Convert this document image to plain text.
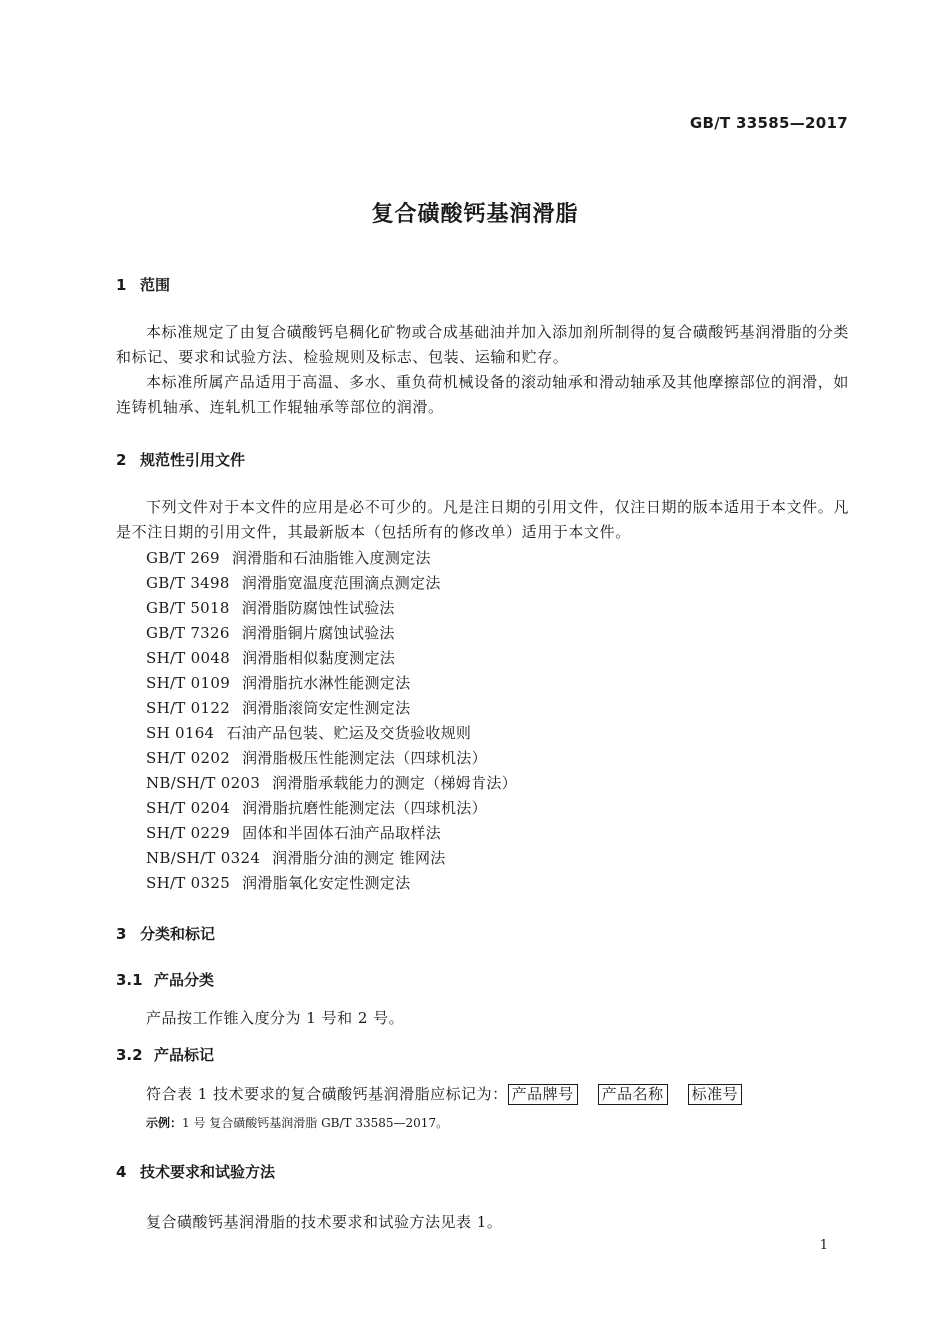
GB/T 33585—2017
复合磺酸钙基润滑脂
1 范围
本标准规定了由复合磺酸钙皂稠化矿物或合成基础油并加入添加剂所制得的复合磺酸钙基润滑脂的分类和标记、要求和试验方法、检验规则及标志、包装、运输和贮存。
本标准所属产品适用于高温、多水、重负荷机械设备的滚动轴承和滑动轴承及其他摩擦部位的润滑，如连铸机轴承、连轧机工作辊轴承等部位的润滑。
2 规范性引用文件
下列文件对于本文件的应用是必不可少的。凡是注日期的引用文件，仅注日期的版本适用于本文件。凡是不注日期的引用文件，其最新版本（包括所有的修改单）适用于本文件。
GB/T 269 润滑脂和石油脂锥入度测定法
GB/T 3498 润滑脂宽温度范围滴点测定法
GB/T 5018 润滑脂防腐蚀性试验法
GB/T 7326 润滑脂铜片腐蚀试验法
SH/T 0048 润滑脂相似黏度测定法
SH/T 0109 润滑脂抗水淋性能测定法
SH/T 0122 润滑脂滚筒安定性测定法
SH 0164 石油产品包装、贮运及交货验收规则
SH/T 0202 润滑脂极压性能测定法（四球机法）
NB/SH/T 0203 润滑脂承载能力的测定（梯姆肯法）
SH/T 0204 润滑脂抗磨性能测定法（四球机法）
SH/T 0229 固体和半固体石油产品取样法
NB/SH/T 0324 润滑脂分油的测定 锥网法
SH/T 0325 润滑脂氧化安定性测定法
3 分类和标记
3.1 产品分类
产品按工作锥入度分为 1 号和 2 号。
3.2 产品标记
符合表 1 技术要求的复合磺酸钙基润滑脂应标记为： 产品牌号 产品名称 标准号
示例：1 号 复合磺酸钙基润滑脂 GB/T 33585—2017。
4 技术要求和试验方法
复合磺酸钙基润滑脂的技术要求和试验方法见表 1。
1
